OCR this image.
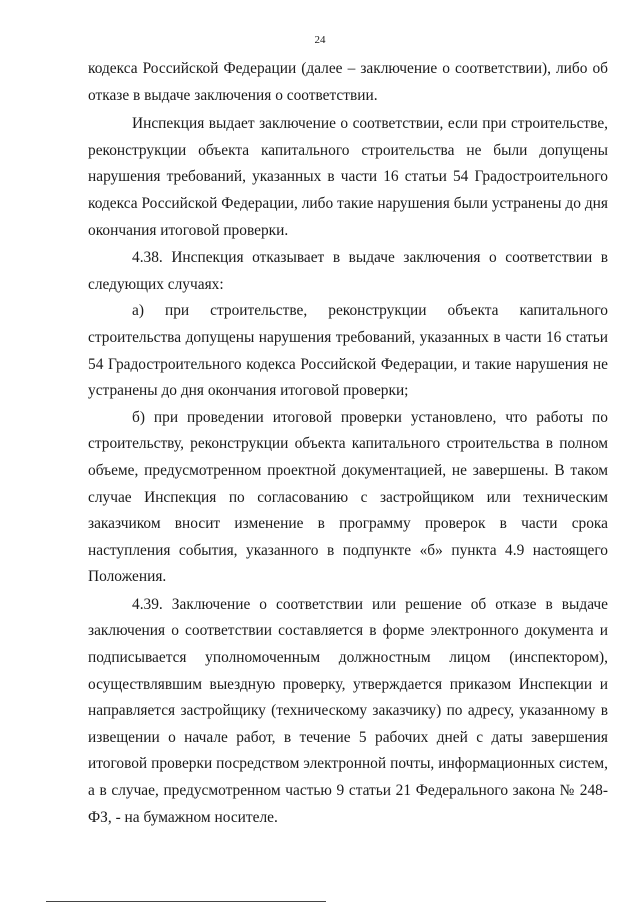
24

кодекса Российской Федерации (далее – заключение о соответствии), либо об отказе в выдаче заключения о соответствии.

Инспекция выдает заключение о соответствии, если при строительстве, реконструкции объекта капитального строительства не были допущены нарушения требований, указанных в части 16 статьи 54 Градостроительного кодекса Российской Федерации, либо такие нарушения были устранены до дня окончания итоговой проверки.

4.38. Инспекция отказывает в выдаче заключения о соответствии в следующих случаях:

а) при строительстве, реконструкции объекта капитального строительства допущены нарушения требований, указанных в части 16 статьи 54 Градостроительного кодекса Российской Федерации, и такие нарушения не устранены до дня окончания итоговой проверки;

б) при проведении итоговой проверки установлено, что работы по строительству, реконструкции объекта капитального строительства в полном объеме, предусмотренном проектной документацией, не завершены. В таком случае Инспекция по согласованию с застройщиком или техническим заказчиком вносит изменение в программу проверок в части срока наступления события, указанного в подпункте «б» пункта 4.9 настоящего Положения.

4.39. Заключение о соответствии или решение об отказе в выдаче заключения о соответствии составляется в форме электронного документа и подписывается уполномоченным должностным лицом (инспектором), осуществлявшим выездную проверку, утверждается приказом Инспекции и направляется застройщику (техническому заказчику) по адресу, указанному в извещении о начале работ, в течение 5 рабочих дней с даты завершения итоговой проверки посредством электронной почты, информационных систем, а в случае, предусмотренном частью 9 статьи 21 Федерального закона № 248-ФЗ, - на бумажном носителе.
